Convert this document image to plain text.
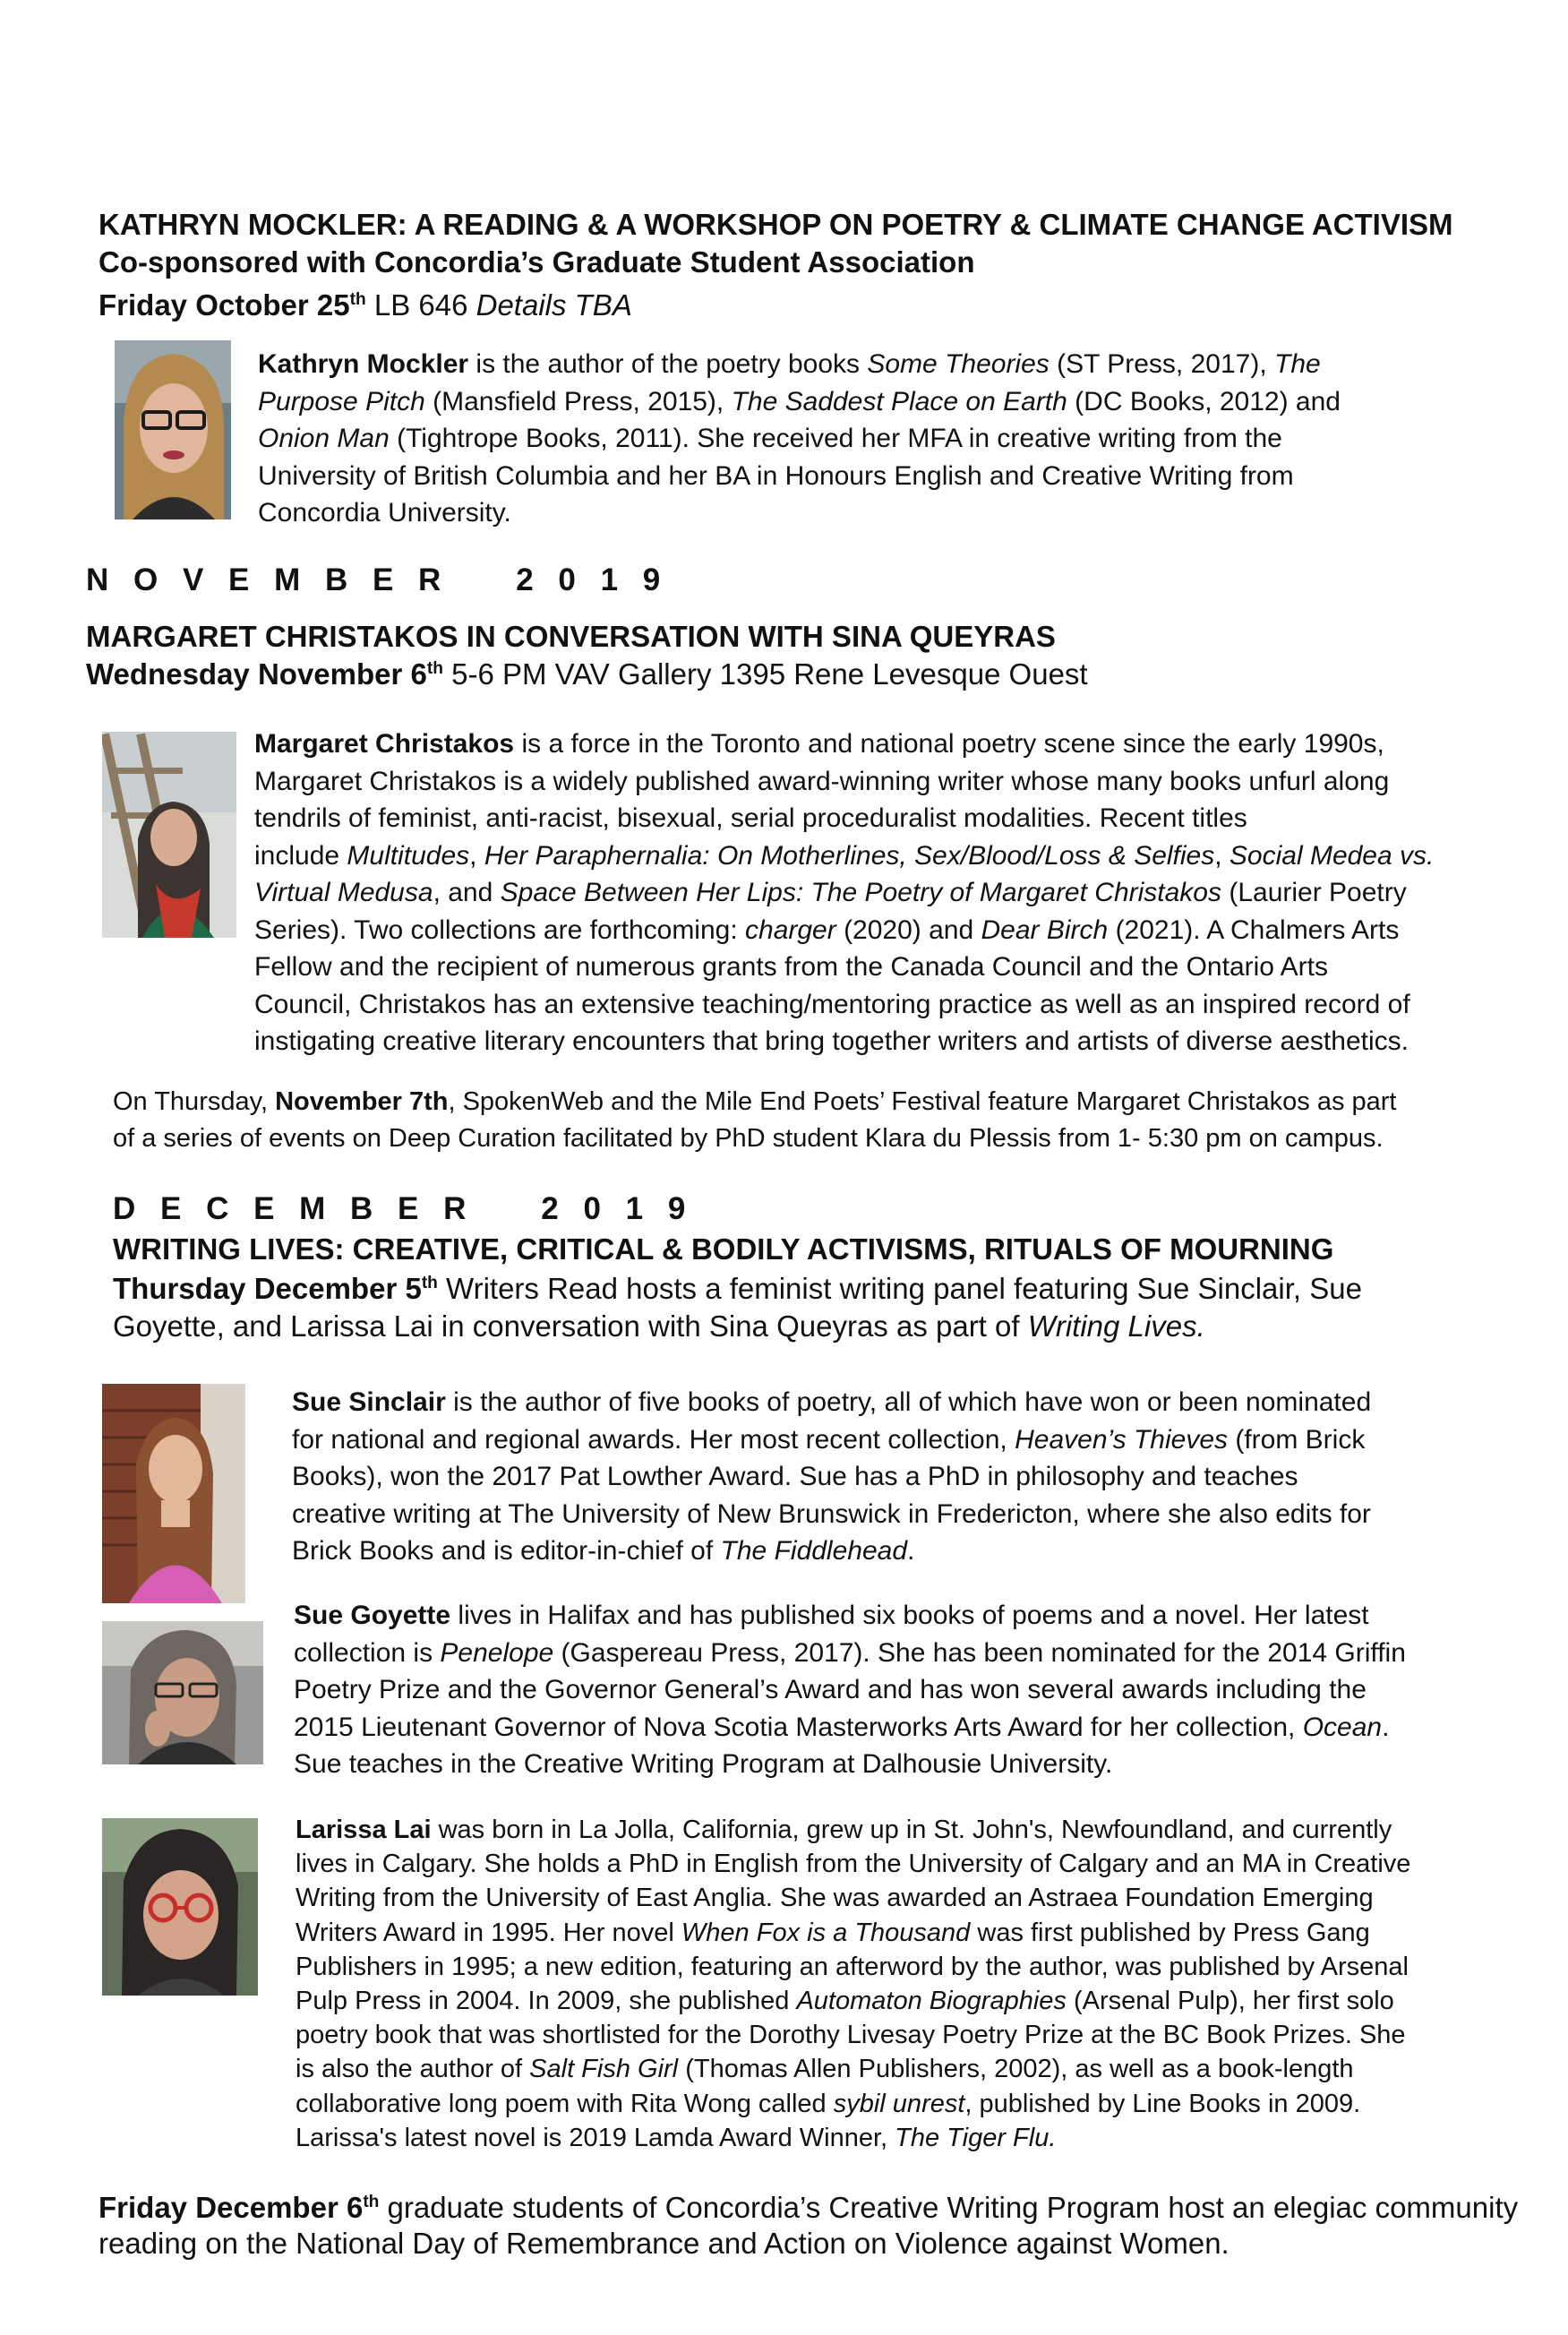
KATHRYN MOCKLER: A READING & A WORKSHOP ON POETRY & CLIMATE CHANGE ACTIVISM
Co-sponsored with Concordia’s Graduate Student Association
Friday October 25th LB 646 Details TBA
Kathryn Mockler is the author of the poetry books Some Theories (ST Press, 2017), The
Purpose Pitch (Mansfield Press, 2015), The Saddest Place on Earth (DC Books, 2012) and
Onion Man (Tightrope Books, 2011). She received her MFA in creative writing from the
University of British Columbia and her BA in Honours English and Creative Writing from
Concordia University.
N O V E M B E R    2 0 1 9
MARGARET CHRISTAKOS IN CONVERSATION WITH SINA QUEYRAS
Wednesday November 6th 5-6 PM VAV Gallery 1395 Rene Levesque Ouest
Margaret Christakos is a force in the Toronto and national poetry scene since the early 1990s,
Margaret Christakos is a widely published award-winning writer whose many books unfurl along
tendrils of feminist, anti-racist, bisexual, serial proceduralist modalities. Recent titles
include Multitudes, Her Paraphernalia: On Motherlines, Sex/Blood/Loss & Selfies, Social Medea vs.
Virtual Medusa, and Space Between Her Lips: The Poetry of Margaret Christakos (Laurier Poetry
Series). Two collections are forthcoming: charger (2020) and Dear Birch (2021). A Chalmers Arts
Fellow and the recipient of numerous grants from the Canada Council and the Ontario Arts
Council, Christakos has an extensive teaching/mentoring practice as well as an inspired record of
instigating creative literary encounters that bring together writers and artists of diverse aesthetics.
On Thursday, November 7th, SpokenWeb and the Mile End Poets’ Festival feature Margaret Christakos as part
of a series of events on Deep Curation facilitated by PhD student Klara du Plessis from 1- 5:30 pm on campus.
D E C E M B E R    2 0 1 9
WRITING LIVES: CREATIVE, CRITICAL & BODILY ACTIVISMS, RITUALS OF MOURNING
Thursday December 5th Writers Read hosts a feminist writing panel featuring Sue Sinclair, Sue
Goyette, and Larissa Lai in conversation with Sina Queyras as part of Writing Lives.
Sue Sinclair is the author of five books of poetry, all of which have won or been nominated
for national and regional awards. Her most recent collection, Heaven’s Thieves (from Brick
Books), won the 2017 Pat Lowther Award. Sue has a PhD in philosophy and teaches
creative writing at The University of New Brunswick in Fredericton, where she also edits for
Brick Books and is editor-in-chief of The Fiddlehead.
Sue Goyette lives in Halifax and has published six books of poems and a novel. Her latest
collection is Penelope (Gaspereau Press, 2017). She has been nominated for the 2014 Griffin
Poetry Prize and the Governor General’s Award and has won several awards including the
2015 Lieutenant Governor of Nova Scotia Masterworks Arts Award for her collection, Ocean.
Sue teaches in the Creative Writing Program at Dalhousie University.
Larissa Lai was born in La Jolla, California, grew up in St. John's, Newfoundland, and currently
lives in Calgary. She holds a PhD in English from the University of Calgary and an MA in Creative
Writing from the University of East Anglia. She was awarded an Astraea Foundation Emerging
Writers Award in 1995. Her novel When Fox is a Thousand was first published by Press Gang
Publishers in 1995; a new edition, featuring an afterword by the author, was published by Arsenal
Pulp Press in 2004. In 2009, she published Automaton Biographies (Arsenal Pulp), her first solo
poetry book that was shortlisted for the Dorothy Livesay Poetry Prize at the BC Book Prizes. She
is also the author of Salt Fish Girl (Thomas Allen Publishers, 2002), as well as a book-length
collaborative long poem with Rita Wong called sybil unrest, published by Line Books in 2009.
Larissa's latest novel is 2019 Lamda Award Winner, The Tiger Flu.
Friday December 6th graduate students of Concordia’s Creative Writing Program host an elegiac community
reading on the National Day of Remembrance and Action on Violence against Women.
